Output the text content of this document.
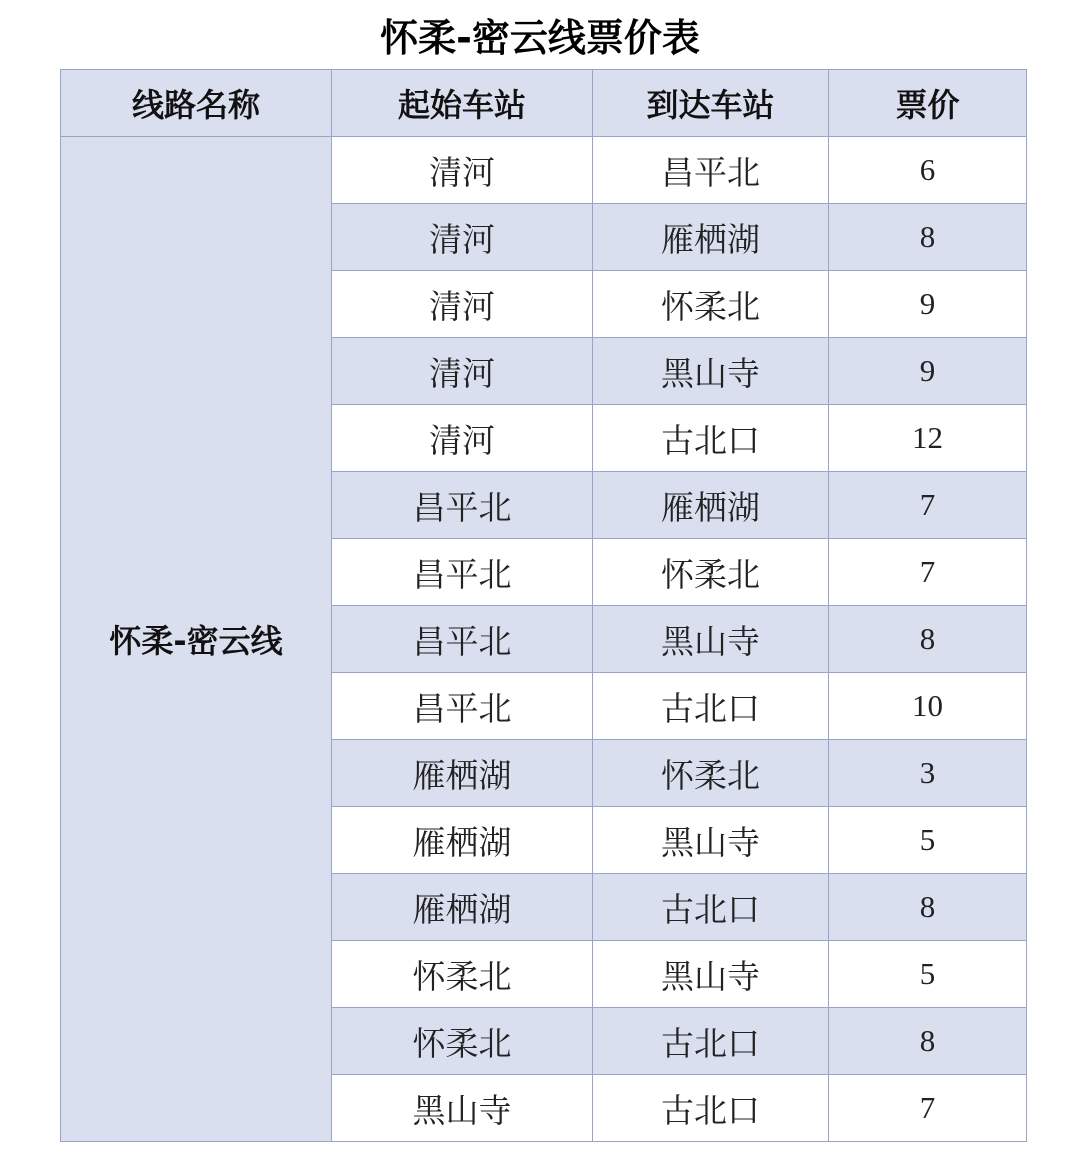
怀柔-密云线票价表
线路名称	起始车站	到达车站	票价
怀柔-密云线	清河	昌平北	6
	清河	雁栖湖	8
	清河	怀柔北	9
	清河	黑山寺	9
	清河	古北口	12
	昌平北	雁栖湖	7
	昌平北	怀柔北	7
	昌平北	黑山寺	8
	昌平北	古北口	10
	雁栖湖	怀柔北	3
	雁栖湖	黑山寺	5
	雁栖湖	古北口	8
	怀柔北	黑山寺	5
	怀柔北	古北口	8
	黑山寺	古北口	7
